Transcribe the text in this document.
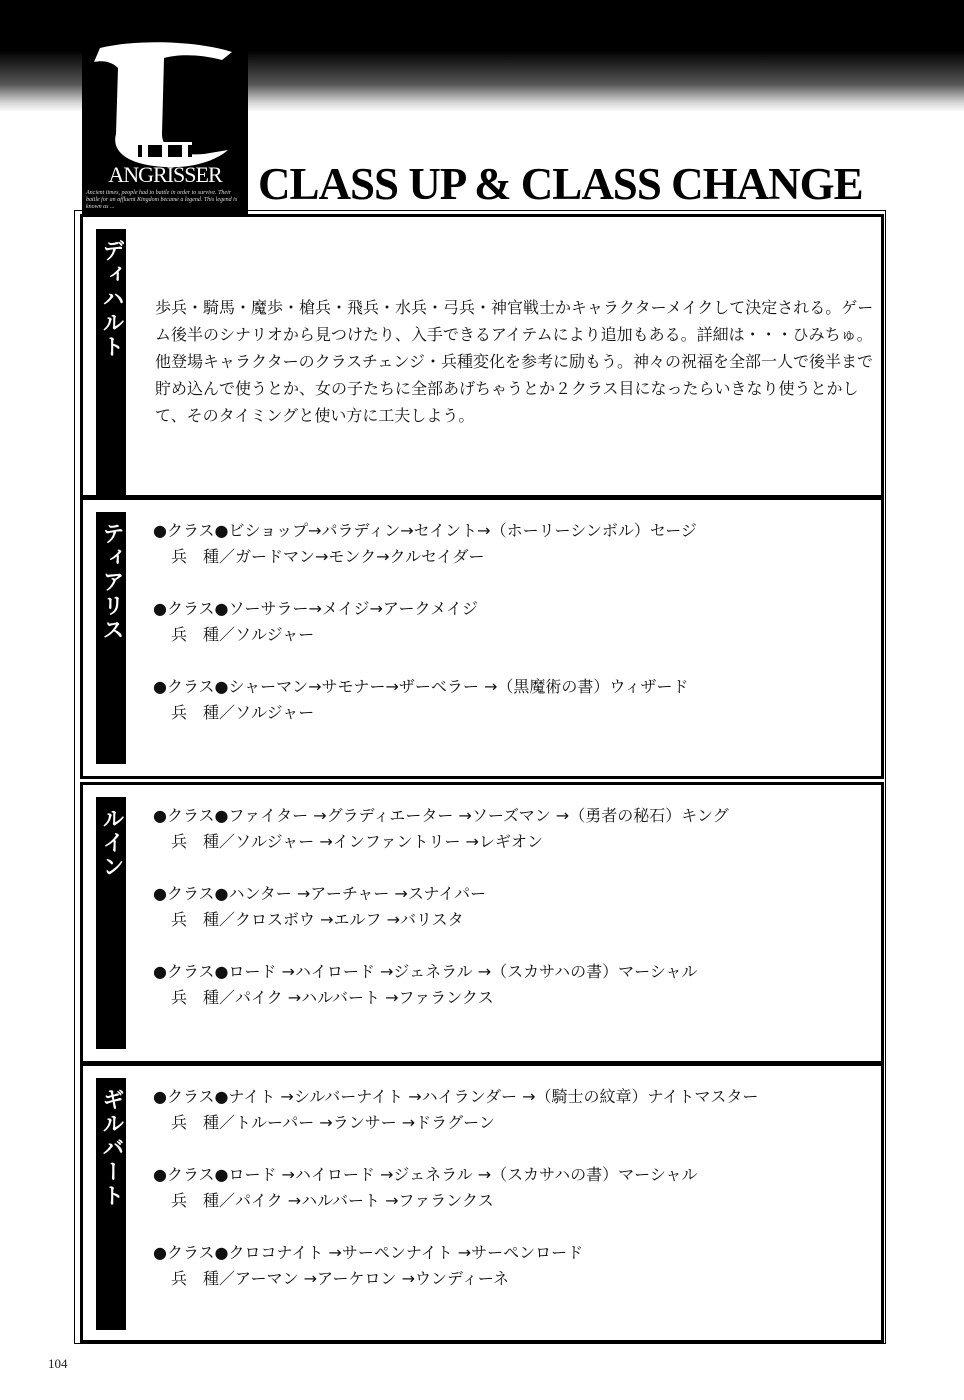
ANGRISSER
Ancient times, people had to battle in order to survive. Their battle for an affluent Kingdom became a legend. This legend is known as ...	CLASS UP & CLASS CHANGE
ディハルト 歩兵・騎馬・魔歩・槍兵・飛兵・水兵・弓兵・神官戦士かキャラクターメイクして決定される。ゲーム後半のシナリオから見つけたり、入手できるアイテムにより追加もある。詳細は・・・ひみちゅ。他登場キャラクターのクラスチェンジ・兵種変化を参考に励もう。神々の祝福を全部一人で後半まで貯め込んで使うとか、女の子たちに全部あげちゃうとか２クラス目になったらいきなり使うとかして、そのタイミングと使い方に工夫しよう。
ティアリス ●クラス●ビショップ→パラディン→セイント→（ホーリーシンボル）セージ
兵　種／ガードマン→モンク→クルセイダー
●クラス●ソーサラー→メイジ→アークメイジ
兵　種／ソルジャー
●クラス●シャーマン→サモナー→ザーベラー →（黒魔術の書）ウィザード
兵　種／ソルジャー
ルイン ●クラス●ファイター →グラディエーター →ソーズマン →（勇者の秘石）キング
兵　種／ソルジャー →インファントリー →レギオン
●クラス●ハンター →アーチャー →スナイパー
兵　種／クロスボウ →エルフ →バリスタ
●クラス●ロード →ハイロード →ジェネラル →（スカサハの書）マーシャル
兵　種／パイク →ハルバート →ファランクス
ギルバート ●クラス●ナイト →シルバーナイト →ハイランダー →（騎士の紋章）ナイトマスター
兵　種／トルーパー →ランサー →ドラグーン
●クラス●ロード →ハイロード →ジェネラル →（スカサハの書）マーシャル
兵　種／パイク →ハルバート →ファランクス
●クラス●クロコナイト →サーペンナイト →サーペンロード
兵　種／アーマン →アーケロン →ウンディーネ
104
